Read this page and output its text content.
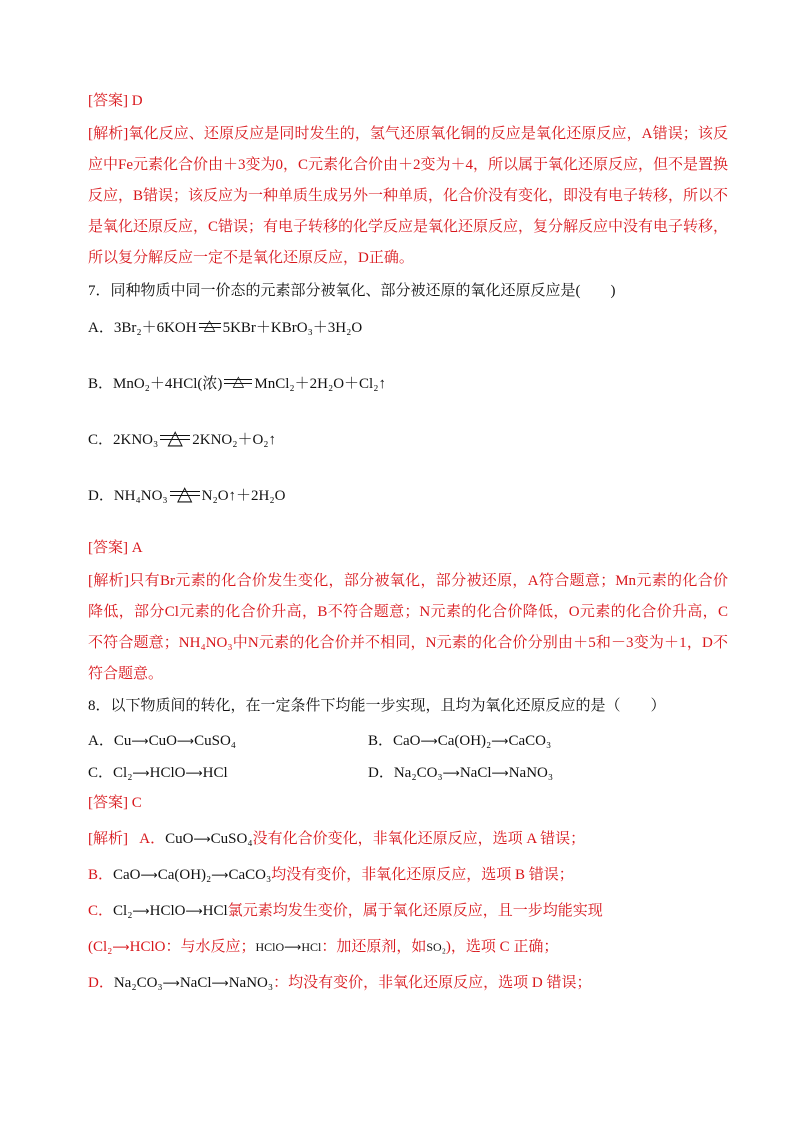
[答案] D

[解析]氧化反应、还原反应是同时发生的，氢气还原氧化铜的反应是氧化还原反应，A错误；该反应中Fe元素化合价由＋3变为0，C元素化合价由＋2变为＋4，所以属于氧化还原反应，但不是置换反应，B错误；该反应为一种单质生成另外一种单质，化合价没有变化，即没有电子转移，所以不是氧化还原反应，C错误；有电子转移的化学反应是氧化还原反应，复分解反应中没有电子转移，所以复分解反应一定不是氧化还原反应，D正确。

7．同种物质中同一价态的元素部分被氧化、部分被还原的氧化还原反应是(　　)

A．3Br₂＋6KOH △ 5KBr＋KBrO₃＋3H₂O
B．MnO₂＋4HCl(浓) △ MnCl₂＋2H₂O＋Cl₂↑
C．2KNO₃ △ 2KNO₂＋O₂↑
D．NH₄NO₃ △ N₂O↑＋2H₂O

[答案] A

[解析]只有Br元素的化合价发生变化，部分被氧化，部分被还原，A符合题意；Mn元素的化合价降低，部分Cl元素的化合价升高，B不符合题意；N元素的化合价降低，O元素的化合价升高，C不符合题意；NH₄NO₃中N元素的化合价并不相同，N元素的化合价分别由＋5和－3变为＋1，D不符合题意。

8．以下物质间的转化，在一定条件下均能一步实现，且均为氧化还原反应的是（　　）

A．Cu⟶CuO⟶CuSO₄	B．CaO⟶Ca(OH)₂⟶CaCO₃
C．Cl₂⟶HClO⟶HCl	D．Na₂CO₃⟶NaCl⟶NaNO₃

[答案] C

[解析] A．CuO⟶CuSO₄没有化合价变化，非氧化还原反应，选项 A 错误；
B．CaO⟶Ca(OH)₂⟶CaCO₃均没有变价，非氧化还原反应，选项 B 错误；
C．Cl₂⟶HClO⟶HCl氯元素均发生变价，属于氧化还原反应，且一步均能实现
(Cl₂⟶HClO：与水反应；HClO⟶HCl：加还原剂，如SO₂)，选项 C 正确；
D．Na₂CO₃⟶NaCl⟶NaNO₃：均没有变价，非氧化还原反应，选项 D 错误；
